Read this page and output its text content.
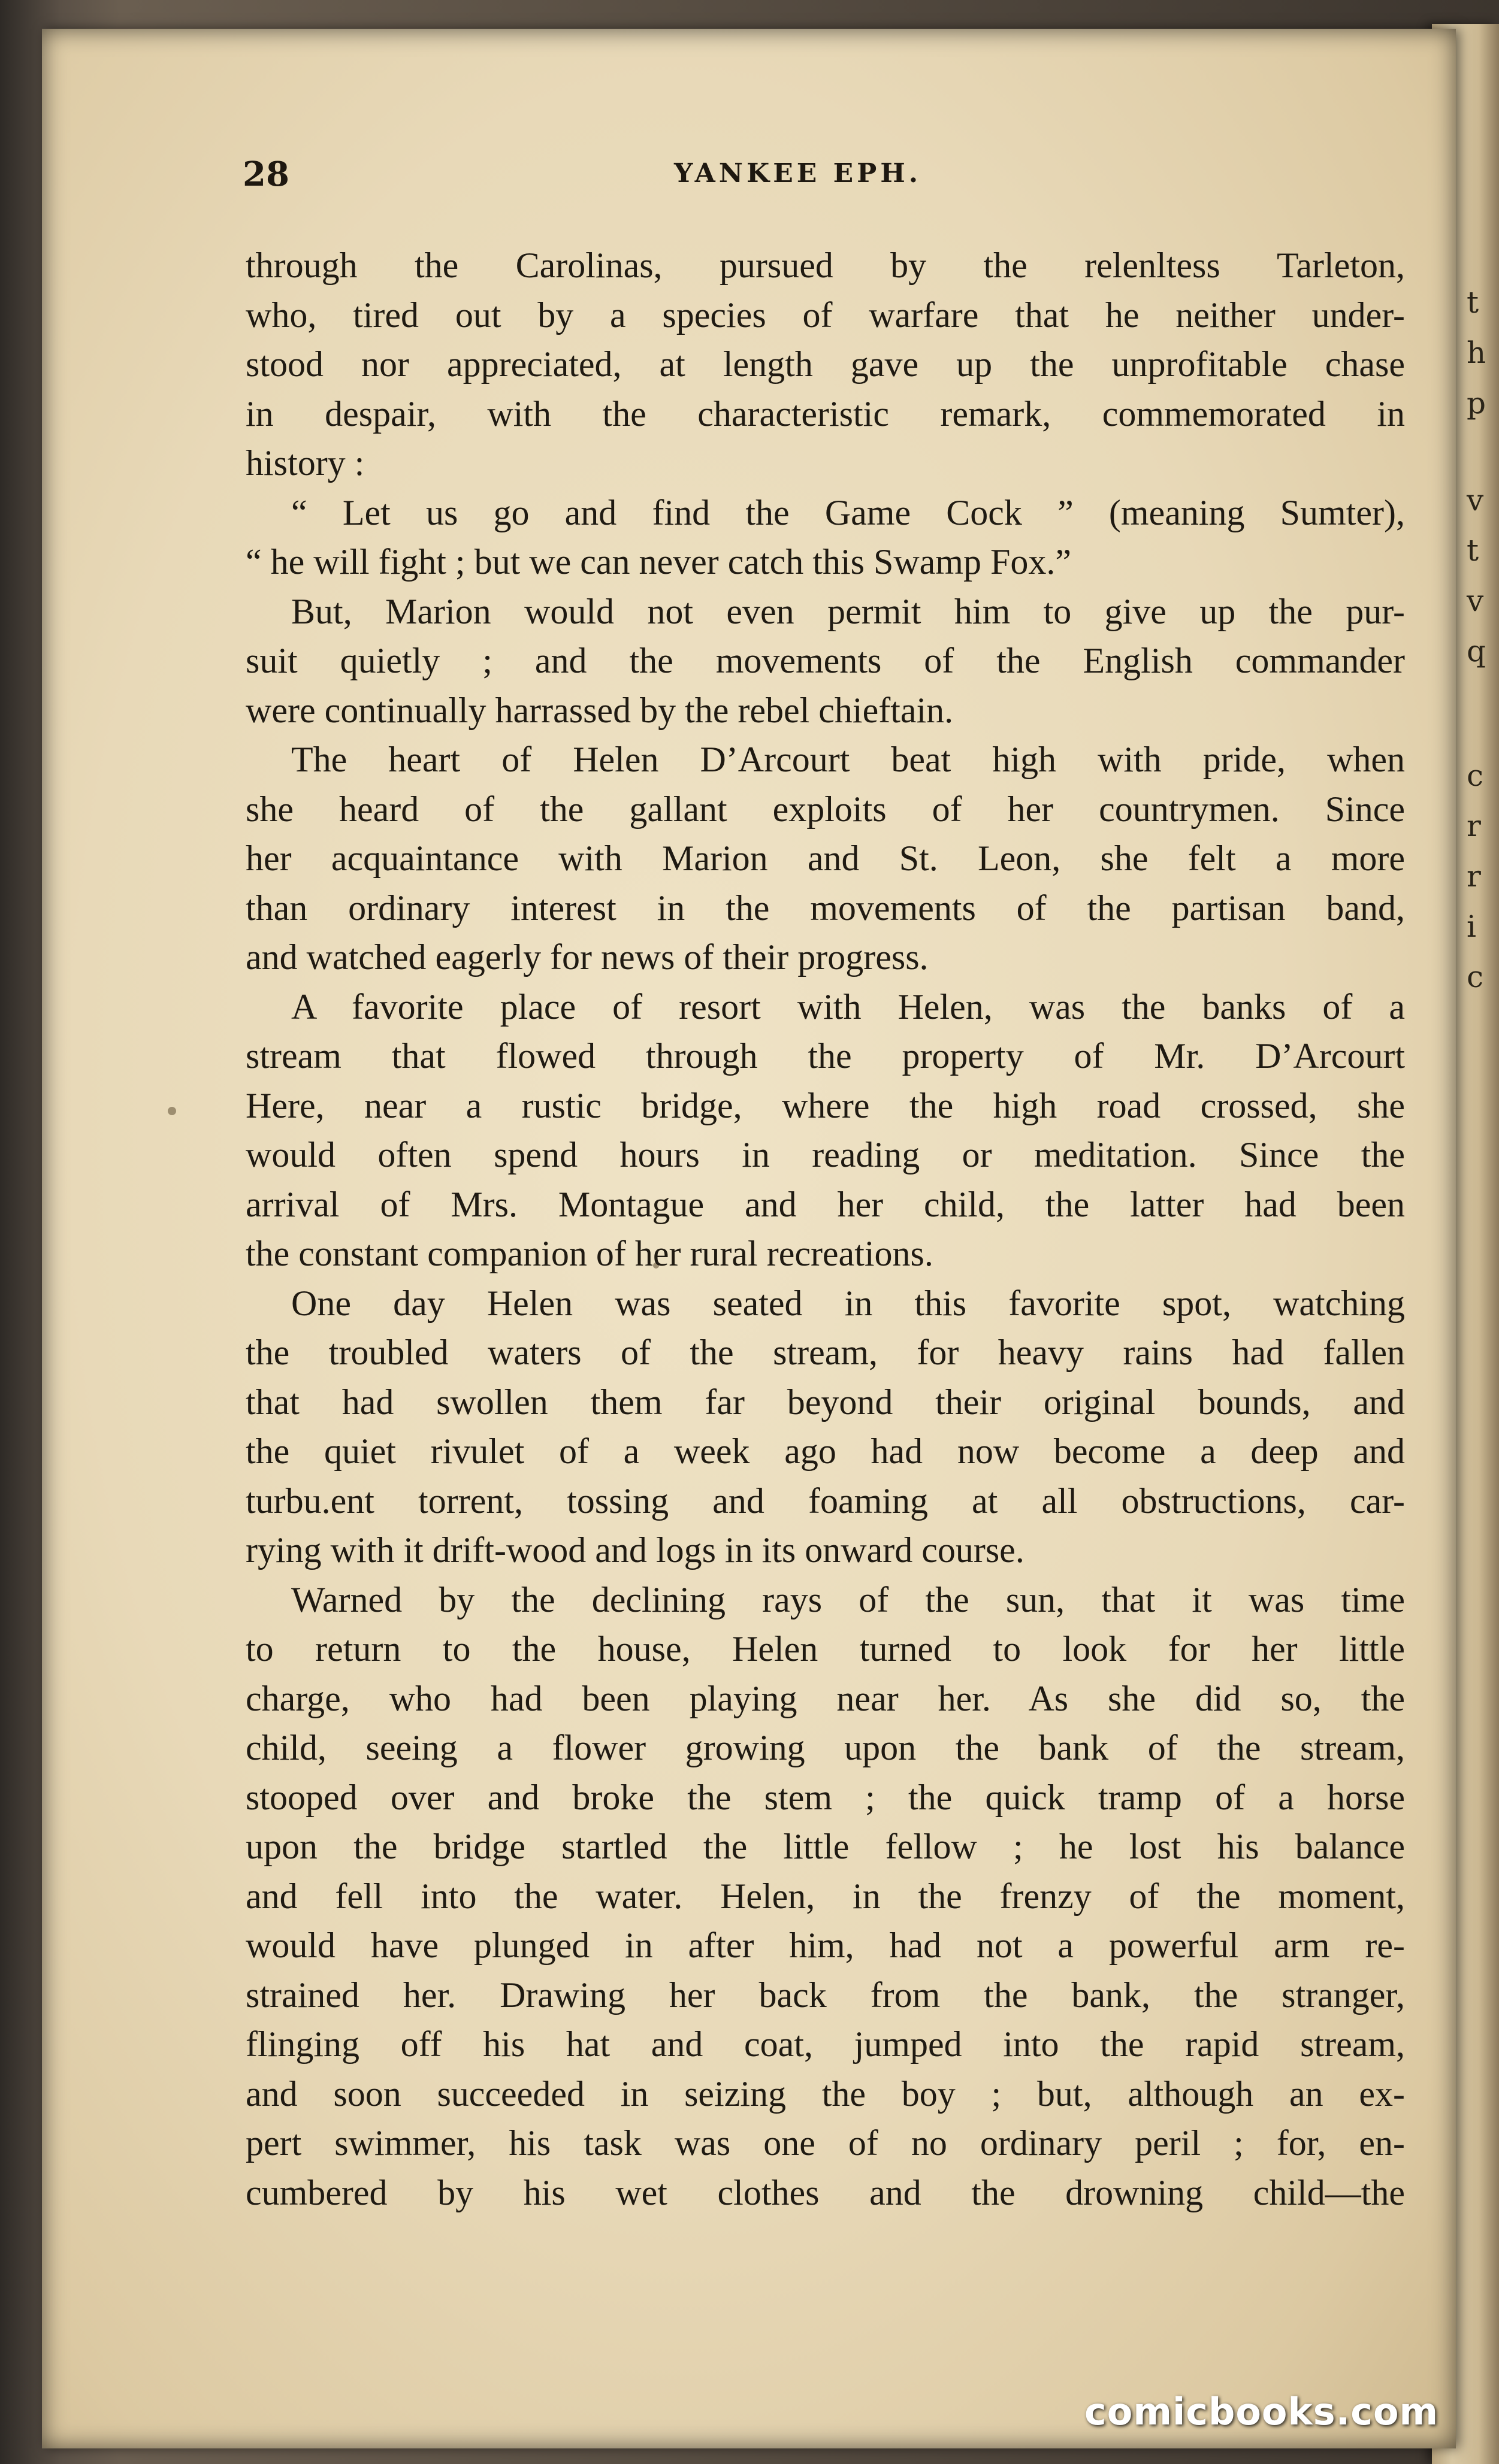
t
h
p
v
t
v
q
c
r
r
i
c
28	YANKEE EPH.
through the Carolinas, pursued by the relenltess Tarleton,
who, tired out by a species of warfare that he neither under-
stood nor appreciated, at length gave up the unprofitable chase
in despair, with the characteristic remark, commemorated in
history :
“ Let us go and find the Game Cock ” (meaning Sumter),
“ he will fight ; but we can never catch this Swamp Fox.”
But, Marion would not even permit him to give up the pur-
suit quietly ; and the movements of the English commander
were continually harrassed by the rebel chieftain.
The heart of Helen D’Arcourt beat high with pride, when
she heard of the gallant exploits of her countrymen. Since
her acquaintance with Marion and St. Leon, she felt a more
than ordinary interest in the movements of the partisan band,
and watched eagerly for news of their progress.
A favorite place of resort with Helen, was the banks of a
stream that flowed through the property of Mr. D’Arcourt
Here, near a rustic bridge, where the high road crossed, she
would often spend hours in reading or meditation. Since the
arrival of Mrs. Montague and her child, the latter had been
the constant companion of her rural recreations.
One day Helen was seated in this favorite spot, watching
the troubled waters of the stream, for heavy rains had fallen
that had swollen them far beyond their original bounds, and
the quiet rivulet of a week ago had now become a deep and
turbu.ent torrent, tossing and foaming at all obstructions, car-
rying with it drift-wood and logs in its onward course.
Warned by the declining rays of the sun, that it was time
to return to the house, Helen turned to look for her little
charge, who had been playing near her. As she did so, the
child, seeing a flower growing upon the bank of the stream,
stooped over and broke the stem ; the quick tramp of a horse
upon the bridge startled the little fellow ; he lost his balance
and fell into the water. Helen, in the frenzy of the moment,
would have plunged in after him, had not a powerful arm re-
strained her. Drawing her back from the bank, the stranger,
flinging off his hat and coat, jumped into the rapid stream,
and soon succeeded in seizing the boy ; but, although an ex-
pert swimmer, his task was one of no ordinary peril ; for, en-
cumbered by his wet clothes and the drowning child—the
comicbooks.com
